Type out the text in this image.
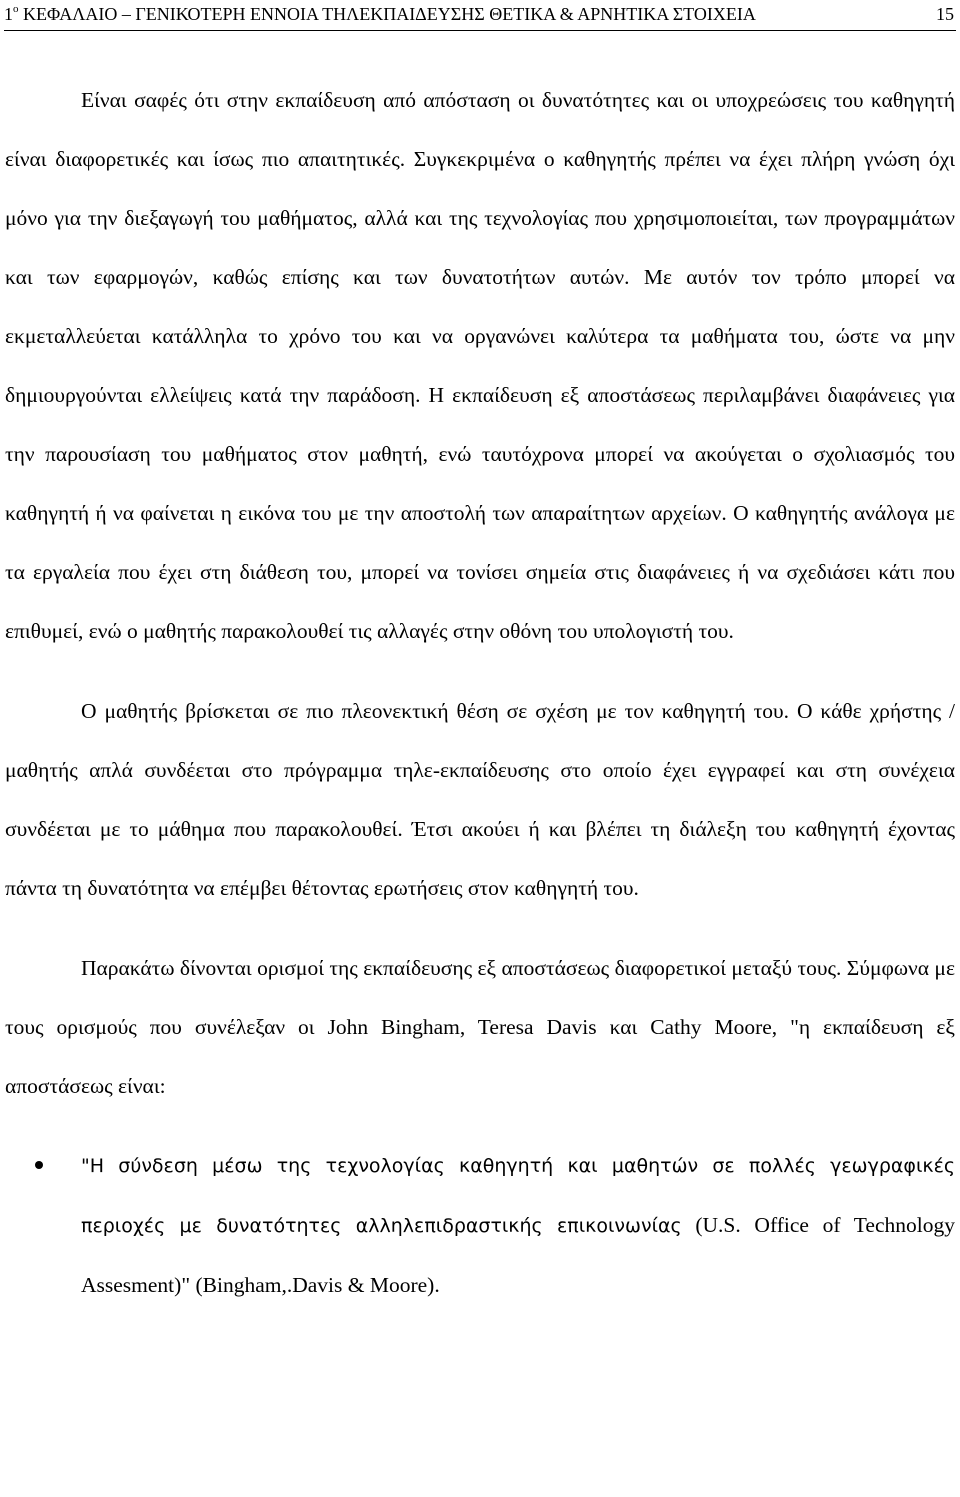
$1^o$ ΚΕΦΑΛΑΙΟ – ΓΕΝΙΚΟΤΕΡΗ ΕΝΝΟΙΑ ΤΗΛΕΚΠΑΙΔΕΥΣΗΣ ΘΕΤΙΚΑ & ΑΡΝΗΤΙΚΑ ΣΤΟΙΧΕΙΑ	15

Είναι σαφές ότι στην εκπαίδευση από απόσταση οι δυνατότητες και οι υποχρεώσεις του καθηγητή είναι διαφορετικές και ίσως πιο απαιτητικές. Συγκεκριμένα ο καθηγητής πρέπει να έχει πλήρη γνώση όχι μόνο για την διεξαγωγή του μαθήματος, αλλά και της τεχνολογίας που χρησιμοποιείται, των προγραμμάτων και των εφαρμογών, καθώς επίσης και των δυνατοτήτων αυτών. Με αυτόν τον τρόπο μπορεί να εκμεταλλεύεται κατάλληλα το χρόνο του και να οργανώνει καλύτερα τα μαθήματα του, ώστε να μην δημιουργούνται ελλείψεις κατά την παράδοση. Η εκπαίδευση εξ αποστάσεως περιλαμβάνει διαφάνειες για την παρουσίαση του μαθήματος στον μαθητή, ενώ ταυτόχρονα μπορεί να ακούγεται ο σχολιασμός του καθηγητή ή να φαίνεται η εικόνα του με την αποστολή των απαραίτητων αρχείων. Ο καθηγητής ανάλογα με τα εργαλεία που έχει στη διάθεση του, μπορεί να τονίσει σημεία στις διαφάνειες ή να σχεδιάσει κάτι που επιθυμεί, ενώ ο μαθητής παρακολουθεί τις αλλαγές στην οθόνη του υπολογιστή του.

Ο μαθητής βρίσκεται σε πιο πλεονεκτική θέση σε σχέση με τον καθηγητή του. Ο κάθε χρήστης / μαθητής απλά συνδέεται στο πρόγραμμα τηλε-εκπαίδευσης στο οποίο έχει εγγραφεί και στη συνέχεια συνδέεται με το μάθημα που παρακολουθεί. Έτσι ακούει ή και βλέπει τη διάλεξη του καθηγητή έχοντας πάντα τη δυνατότητα να επέμβει θέτοντας ερωτήσεις στον καθηγητή του.

Παρακάτω δίνονται ορισμοί της εκπαίδευσης εξ αποστάσεως διαφορετικοί μεταξύ τους. Σύμφωνα με τους ορισμούς που συνέλεξαν οι John Bingham, Teresa Davis και Cathy Moore, "η εκπαίδευση εξ αποστάσεως είναι:

"Η σύνδεση μέσω της τεχνολογίας καθηγητή και μαθητών σε πολλές γεωγραφικές περιοχές με δυνατότητες αλληλεπιδραστικής επικοινωνίας (U.S. Office of Technology Assesment)" (Bingham,.Davis & Moore).
